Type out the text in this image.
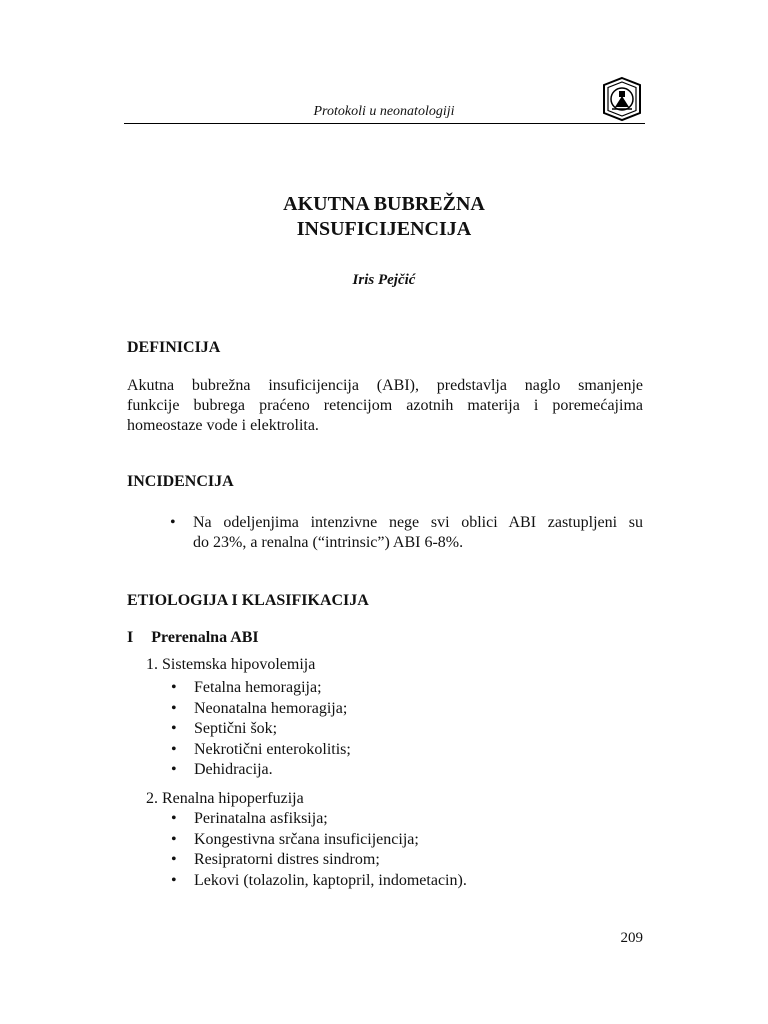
Protokoli u neonatologiji
AKUTNA BUBREŽNA
INSUFICIJENCIJA
Iris Pejčić
DEFINICIJA
Akutna bubrežna insuficijencija (ABI), predstavlja naglo smanjenje
funkcije bubrega praćeno retencijom azotnih materija i poremećajima
homeostaze vode i elektrolita.
INCIDENCIJA
• Na odeljenjima intenzivne nege svi oblici ABI zastupljeni su
do 23%, a renalna (“intrinsic”) ABI 6-8%.
ETIOLOGIJA I KLASIFIKACIJA
I Prerenalna ABI
1. Sistemska hipovolemija
• Fetalna hemoragija;
• Neonatalna hemoragija;
• Septični šok;
• Nekrotični enterokolitis;
• Dehidracija.
2. Renalna hipoperfuzija
• Perinatalna asfiksija;
• Kongestivna srčana insuficijencija;
• Resipratorni distres sindrom;
• Lekovi (tolazolin, kaptopril, indometacin).
209
